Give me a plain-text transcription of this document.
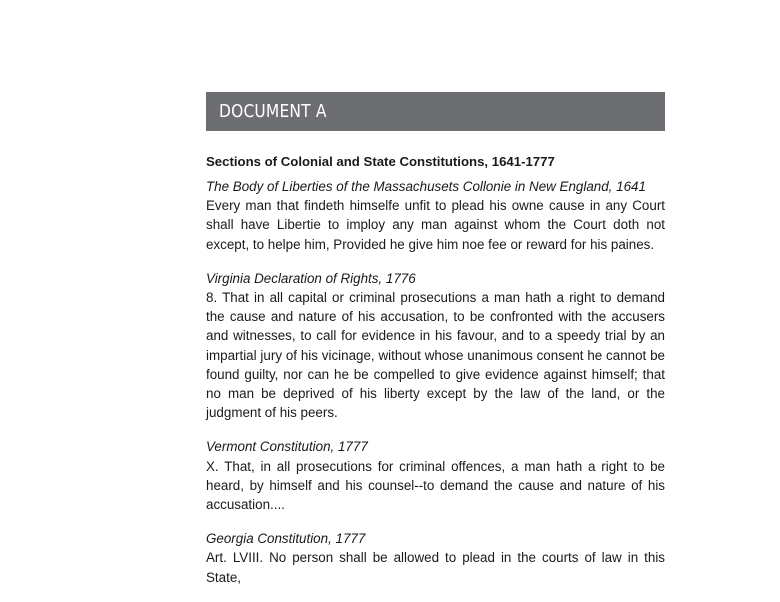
DOCUMENT A
Sections of Colonial and State Constitutions, 1641-1777
The Body of Liberties of the Massachusets Collonie in New England, 1641
Every man that findeth himselfe unfit to plead his owne cause in any Court shall have Libertie to imploy any man against whom the Court doth not except, to helpe him, Provided he give him noe fee or reward for his paines.
Virginia Declaration of Rights, 1776
8. That in all capital or criminal prosecutions a man hath a right to demand the cause and nature of his accusation, to be confronted with the accusers and witnesses, to call for evidence in his favour, and to a speedy trial by an impartial jury of his vicinage, without whose unanimous consent he cannot be found guilty, nor can he be compelled to give evidence against himself; that no man be deprived of his liberty except by the law of the land, or the judgment of his peers.
Vermont Constitution, 1777
X. That, in all prosecutions for criminal offences, a man hath a right to be heard, by himself and his counsel--to demand the cause and nature of his accusation....
Georgia Constitution, 1777
Art. LVIII. No person shall be allowed to plead in the courts of law in this State,
